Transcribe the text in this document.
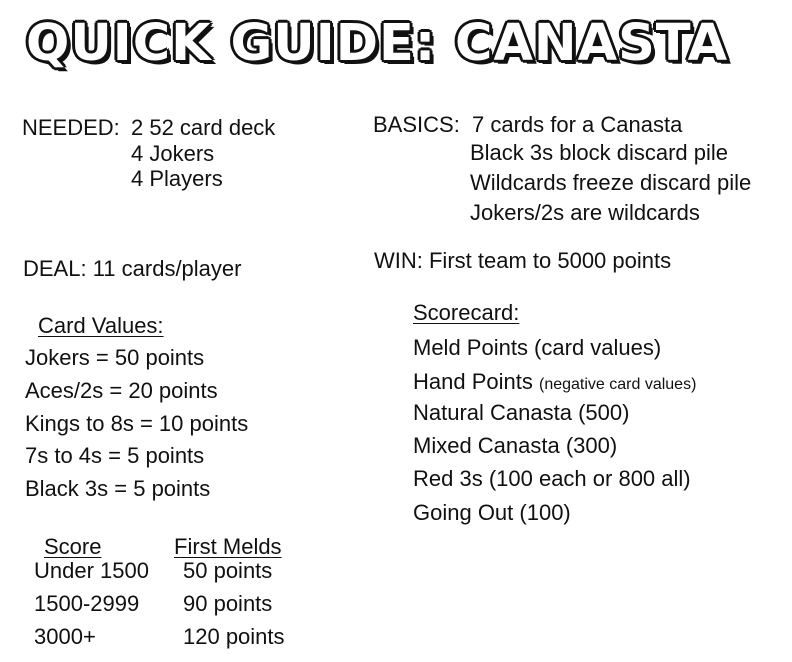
QUICK GUIDE: CANASTA
NEEDED: 2 52 card deck
4 Jokers
4 Players
BASICS: 7 cards for a Canasta
Black 3s block discard pile
Wildcards freeze discard pile
Jokers/2s are wildcards
DEAL: 11 cards/player	WIN: First team to 5000 points
Card Values:
Jokers = 50 points
Aces/2s = 20 points
Kings to 8s = 10 points
7s to 4s = 5 points
Black 3s = 5 points
Scorecard:
Meld Points (card values)
Hand Points (negative card values)
Natural Canasta (500)
Mixed Canasta (300)
Red 3s (100 each or 800 all)
Going Out (100)
Score	First Melds
Under 1500 50 points
1500-2999 90 points
3000+	120 points
